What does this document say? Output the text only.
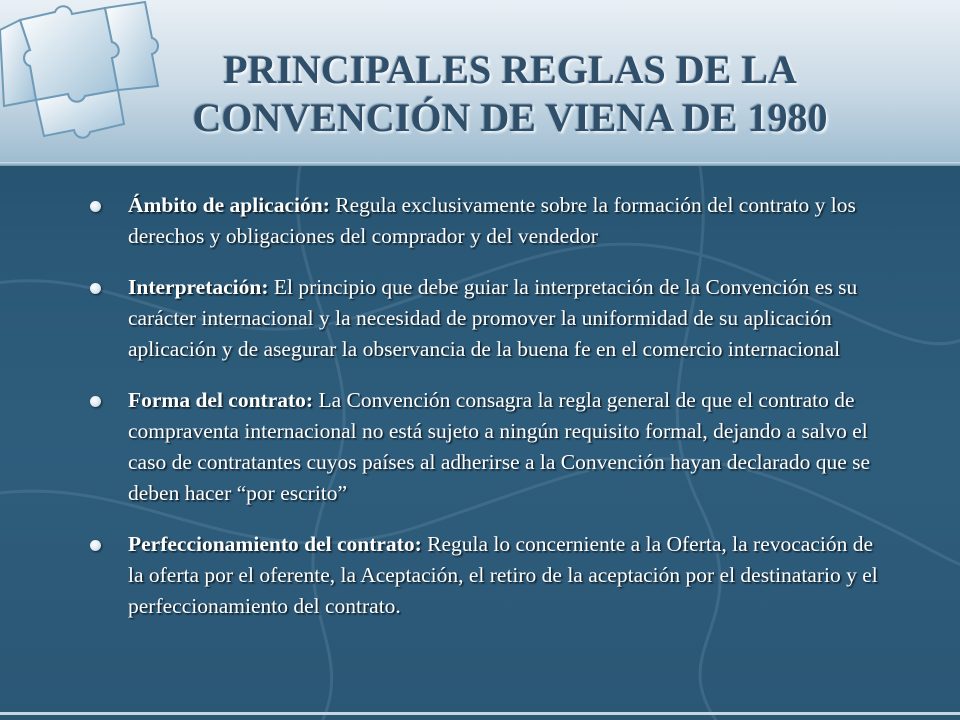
PRINCIPALES REGLAS DE LA
CONVENCIÓN DE VIENA DE 1980
Ámbito de aplicación: Regula exclusivamente sobre la formación del contrato y los derechos y obligaciones del comprador y del vendedor
Interpretación: El principio que debe guiar la interpretación de la Convención es su carácter internacional y la necesidad de promover la uniformidad de su aplicación aplicación y de asegurar la observancia de la buena fe en el comercio internacional
Forma del contrato: La Convención consagra la regla general de que el contrato de compraventa internacional no está sujeto a ningún requisito formal, dejando a salvo el caso de contratantes cuyos países al adherirse a la Convención hayan declarado que se deben hacer “por escrito”
Perfeccionamiento del contrato: Regula lo concerniente a la Oferta, la revocación de la oferta por el oferente, la Aceptación, el retiro de la aceptación por el destinatario y el perfeccionamiento del contrato.
